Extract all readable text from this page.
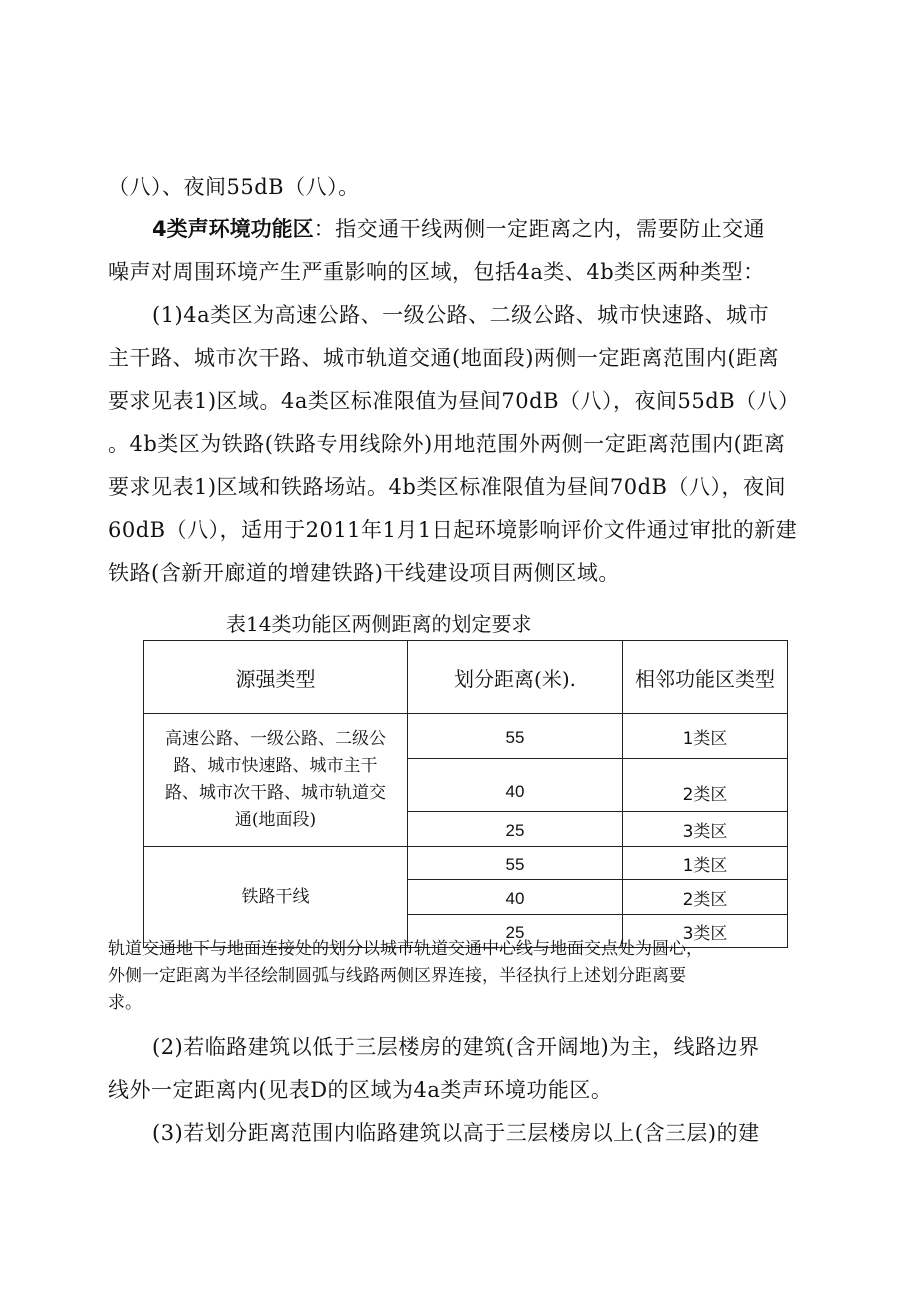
（八）、夜间55dB（八）。
4类声环境功能区：指交通干线两侧一定距离之内，需要防止交通
噪声对周围环境产生严重影响的区域，包括4a类、4b类区两种类型：
(1)4a类区为高速公路、一级公路、二级公路、城市快速路、城市
主干路、城市次干路、城市轨道交通(地面段)两侧一定距离范围内(距离
要求见表1)区域。4a类区标准限值为昼间70dB（八），夜间55dB（八）
。4b类区为铁路(铁路专用线除外)用地范围外两侧一定距离范围内(距离
要求见表1)区域和铁路场站。4b类区标准限值为昼间70dB（八），夜间
60dB（八），适用于2011年1月1日起环境影响评价文件通过审批的新建
铁路(含新开廊道的增建铁路)干线建设项目两侧区域。
表14类功能区两侧距离的划定要求
源强类型	划分距离(米).	相邻功能区类型

高速公路、一级公路、二级公
路、城市快速路、城市主干
路、城市次干路、城市轨道交
通(地面段)	55	1类区
	40	2类区
	25	3类区

铁路干线	55	1类区
	40	2类区
	25	3类区
轨道交通地下与地面连接处的划分以城市轨道交通中心线与地面交点处为圆心，
外侧一定距离为半径绘制圆弧与线路两侧区界连接，半径执行上述划分距离要
求。
(2)若临路建筑以低于三层楼房的建筑(含开阔地)为主，线路边界
线外一定距离内(见表D的区域为4a类声环境功能区。
(3)若划分距离范围内临路建筑以高于三层楼房以上(含三层)的建
